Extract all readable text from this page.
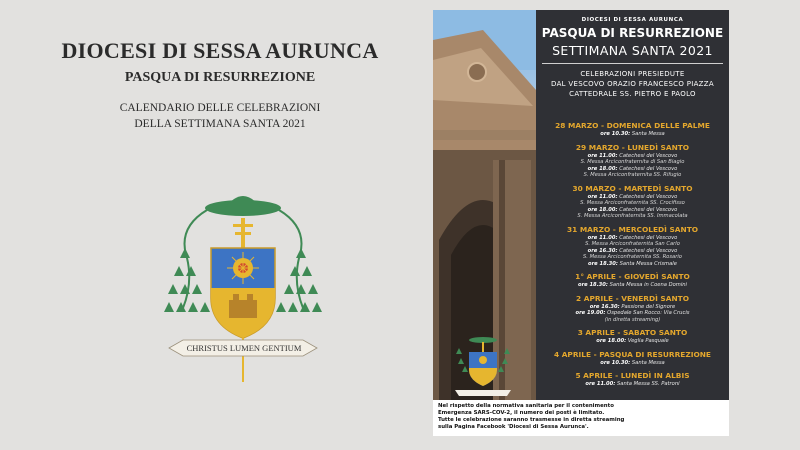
DIOCESI DI SESSA AURUNCA
PASQUA DI RESURREZIONE
CALENDARIO DELLE CELEBRAZIONI
DELLA SETTIMANA SANTA 2021
CHRISTUS LUMEN GENTIUM
DIOCESI DI SESSA AURUNCA
PASQUA DI RESURREZIONE
SETTIMANA SANTA 2021
CELEBRAZIONI PRESIEDUTE
DAL VESCOVO ORAZIO FRANCESCO PIAZZA
CATTEDRALE SS. PIETRO E PAOLO
28 MARZO - DOMENICA DELLE PALME
ore 10.30: Santa Messa
29 MARZO - LUNEDÌ SANTO
ore 11.00: Catechesi del Vescovo
S. Messa Arciconfraternita di San Biagio
ore 18.00: Catechesi del Vescovo
S. Messa Arciconfraternita SS. Rifugio
30 MARZO - MARTEDÌ SANTO
ore 11.00: Catechesi del Vescovo
S. Messa Arciconfraternita SS. Crocifisso
ore 18.00: Catechesi del Vescovo
S. Messa Arciconfraternita SS. Immacolata
31 MARZO - MERCOLEDÌ SANTO
ore 11.00: Catechesi del Vescovo
S. Messa Arciconfraternita San Carlo
ore 16.30: Catechesi del Vescovo
S. Messa Arciconfraternita SS. Rosario
ore 18.30: Santa Messa Crismale
1° APRILE - GIOVEDÌ SANTO
ore 18.30: Santa Messa in Coena Domini
2 APRILE - VENERDÌ SANTO
ore 16.30: Passione del Signore
ore 19.00: Ospedale San Rocco: Via Crucis
(in diretta streaming)
3 APRILE - SABATO SANTO
ore 18.00: Veglia Pasquale
4 APRILE - PASQUA DI RESURREZIONE
ore 10.30: Santa Messa
5 APRILE - LUNEDÌ IN ALBIS
ore 11.00: Santa Messa SS. Patroni
Nel rispetto della normativa sanitaria per il contenimento
Emergenza SARS-COV-2, il numero dei posti è limitato.
Tutte le celebrazione saranno trasmesse in diretta streaming
sulla Pagina Facebook 'Diocesi di Sessa Aurunca'.
